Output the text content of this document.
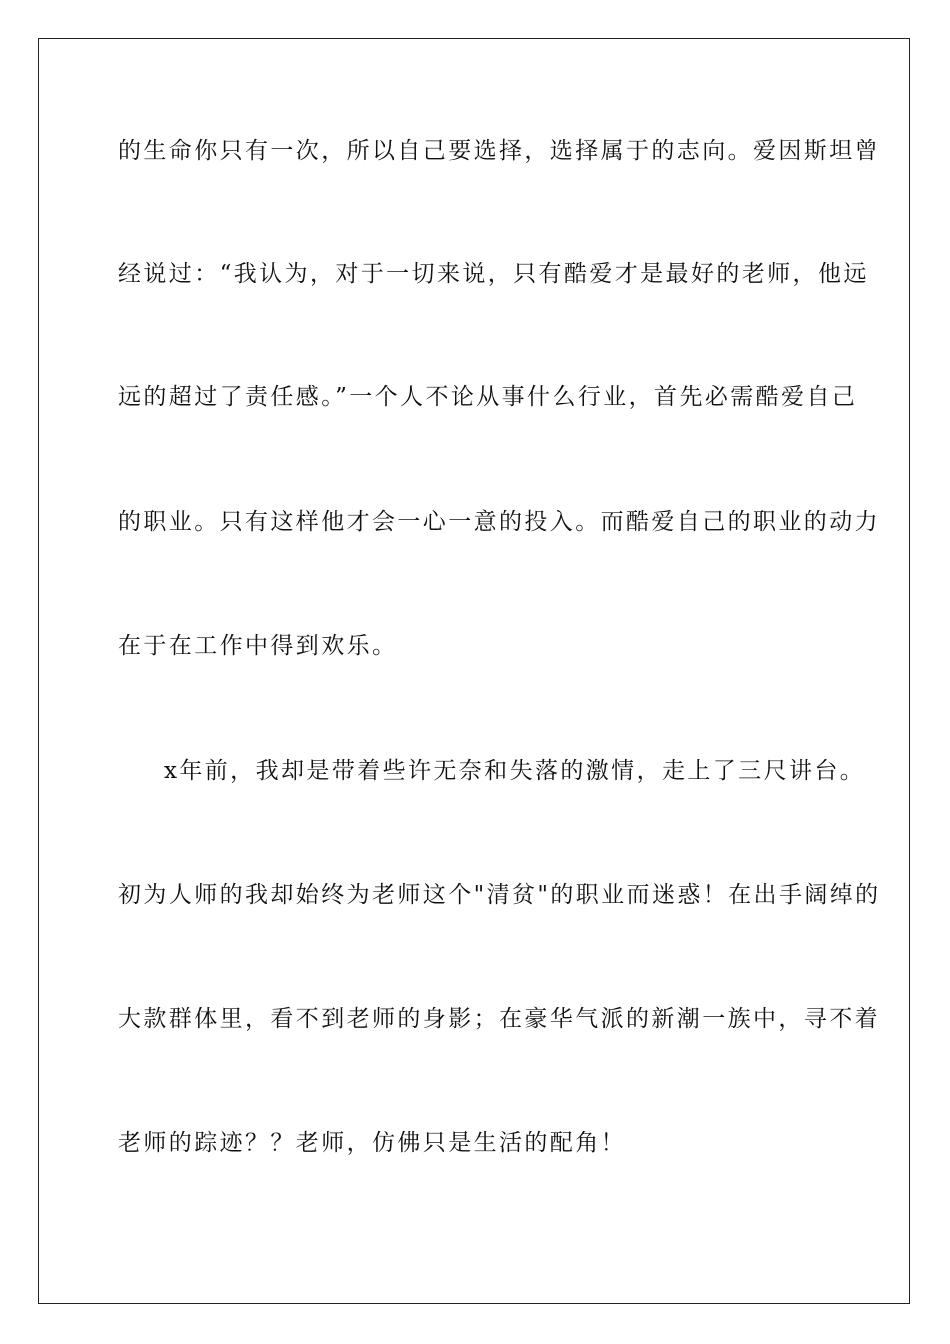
的生命你只有一次，所以自己要选择，选择属于的志向。爱因斯坦曾

经说过：“我认为，对于一切来说，只有酷爱才是最好的老师，他远

远的超过了责任感。”一个人不论从事什么行业，首先必需酷爱自己

的职业。只有这样他才会一心一意的投入。而酷爱自己的职业的动力

在于在工作中得到欢乐。

x年前，我却是带着些许无奈和失落的激情，走上了三尺讲台。

初为人师的我却始终为老师这个"清贫"的职业而迷惑！在出手阔绰的

大款群体里，看不到老师的身影；在豪华气派的新潮一族中，寻不着

老师的踪迹？？老师，仿佛只是生活的配角！
